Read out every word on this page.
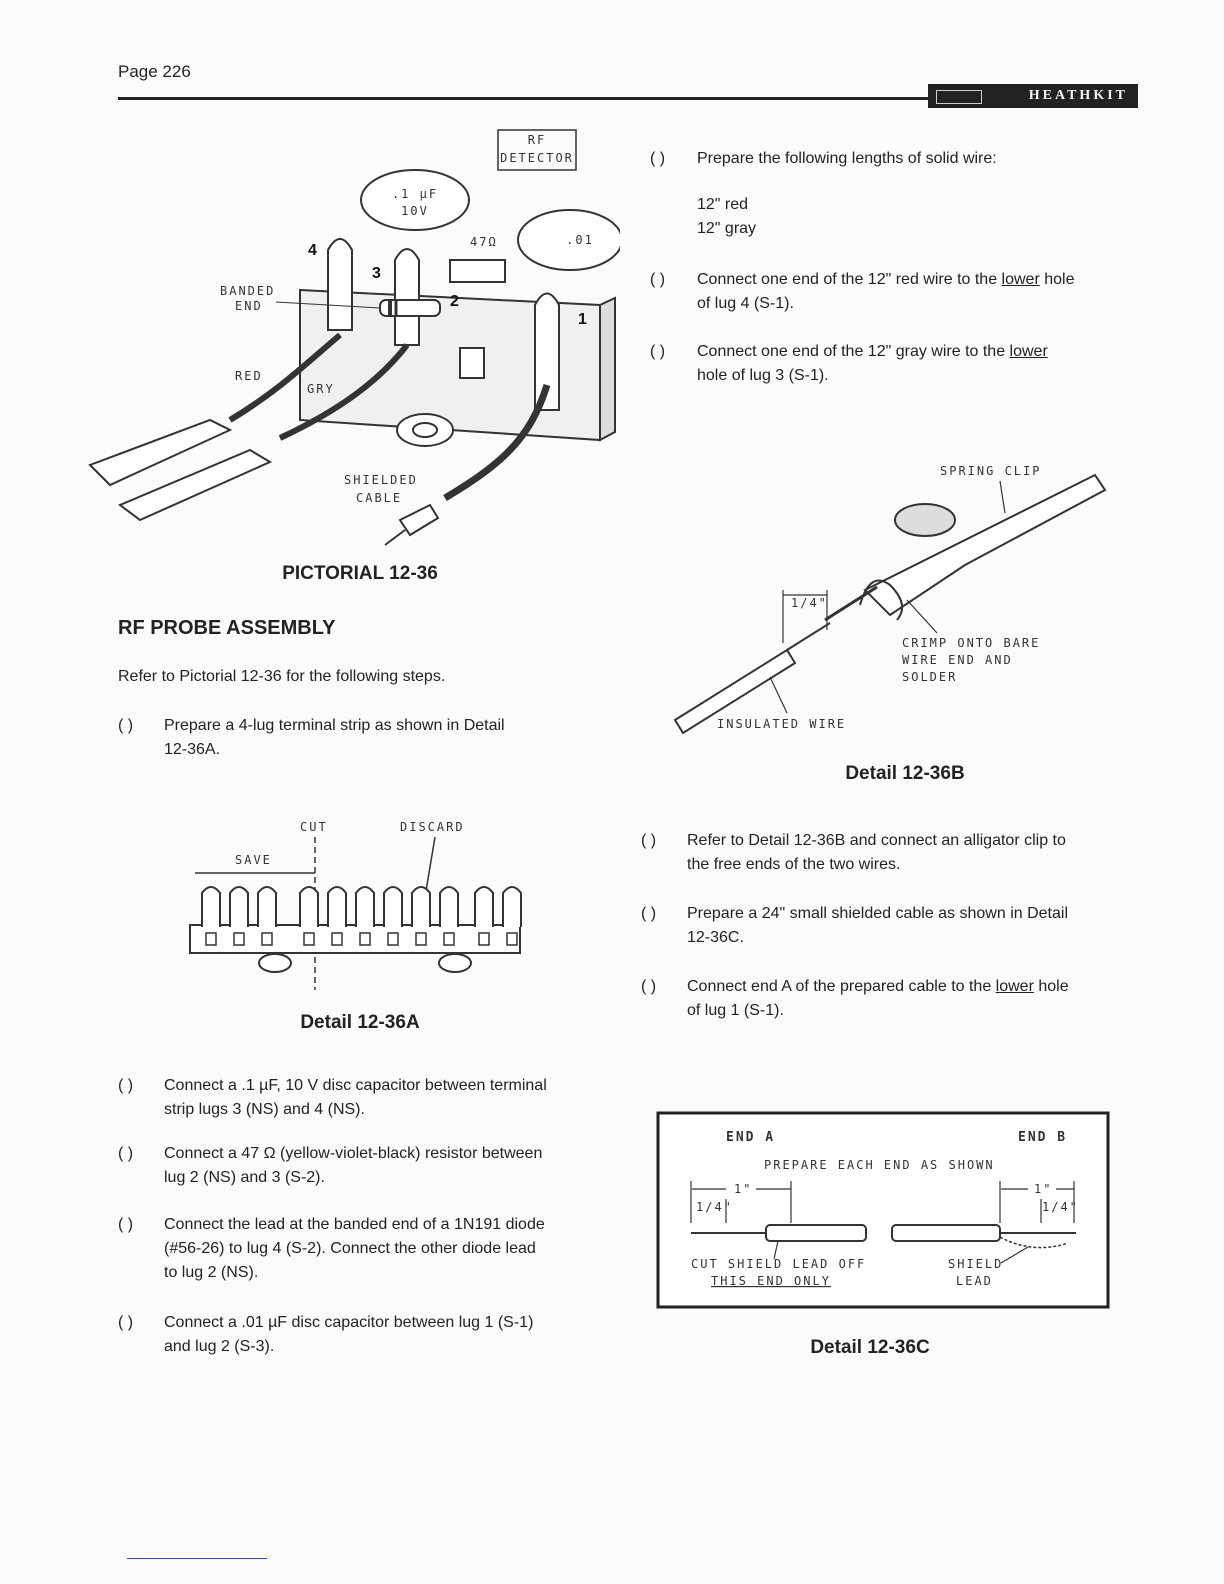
Page 226
HEATHKIT
RF
DETECTOR
.1 µF
10V
.01
47Ω
BANDED
END
RED
GRY
SHIELDED
CABLE
4
3
2
1
PICTORIAL 12-36
RF PROBE ASSEMBLY
Refer to Pictorial 12-36 for the following steps.
( ) Prepare a 4-lug terminal strip as shown in Detail
12-36A.
CUT	DISCARD
SAVE
Detail 12-36A
( ) Connect a .1 µF, 10 V disc capacitor between terminal
strip lugs 3 (NS) and 4 (NS).
( ) Connect a 47 Ω (yellow-violet-black) resistor between
lug 2 (NS) and 3 (S-2).
( ) Connect the lead at the banded end of a 1N191 diode
(#56-26) to lug 4 (S-2). Connect the other diode lead
to lug 2 (NS).
( ) Connect a .01 µF disc capacitor between lug 1 (S-1)
and lug 2 (S-3).
( ) Prepare the following lengths of solid wire:
12" red
12" gray
( ) Connect one end of the 12" red wire to the lower hole
of lug 4 (S-1).
( ) Connect one end of the 12" gray wire to the lower
hole of lug 3 (S-1).
SPRING CLIP
1/4"
CRIMP ONTO BARE
WIRE END AND
SOLDER
INSULATED WIRE
Detail 12-36B
( ) Refer to Detail 12-36B and connect an alligator clip to
the free ends of the two wires.
( ) Prepare a 24" small shielded cable as shown in Detail
12-36C.
( ) Connect end A of the prepared cable to the lower hole
of lug 1 (S-1).
END A	END B
PREPARE EACH END AS SHOWN
1"
1/4"
1"
1/4"
CUT SHIELD LEAD OFF
THIS END ONLY
SHIELD
LEAD
Detail 12-36C
